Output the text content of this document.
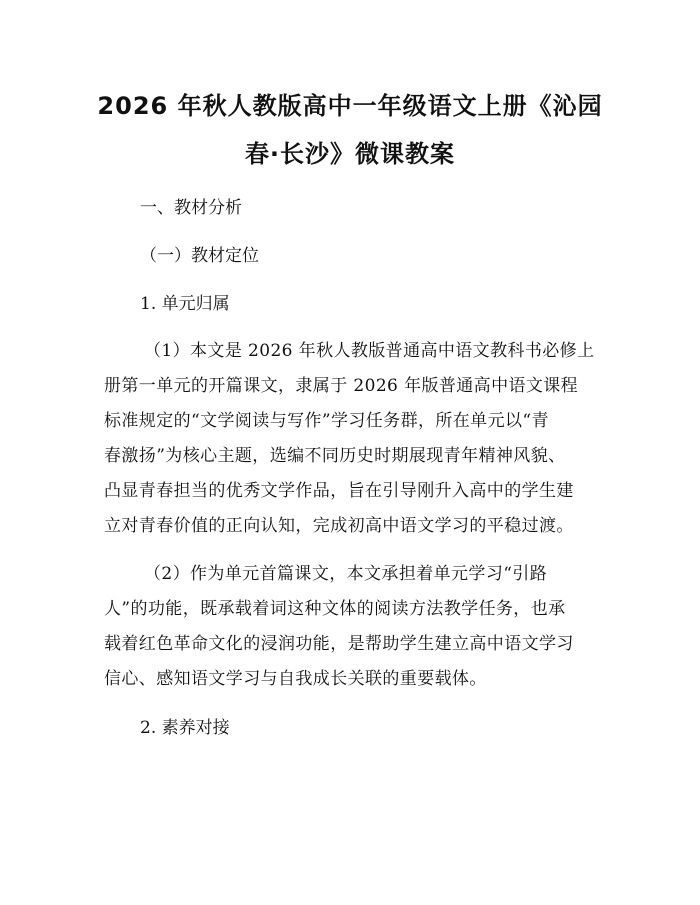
2026 年秋人教版高中一年级语文上册《沁园
春·长沙》微课教案
一、教材分析
（一）教材定位
1. 单元归属
（1）本文是 2026 年秋人教版普通高中语文教科书必修上
册第一单元的开篇课文，隶属于 2026 年版普通高中语文课程
标准规定的“文学阅读与写作”学习任务群，所在单元以“青
春激扬”为核心主题，选编不同历史时期展现青年精神风貌、
凸显青春担当的优秀文学作品，旨在引导刚升入高中的学生建
立对青春价值的正向认知，完成初高中语文学习的平稳过渡。
（2）作为单元首篇课文，本文承担着单元学习“引路
人”的功能，既承载着词这种文体的阅读方法教学任务，也承
载着红色革命文化的浸润功能，是帮助学生建立高中语文学习
信心、感知语文学习与自我成长关联的重要载体。
2. 素养对接
